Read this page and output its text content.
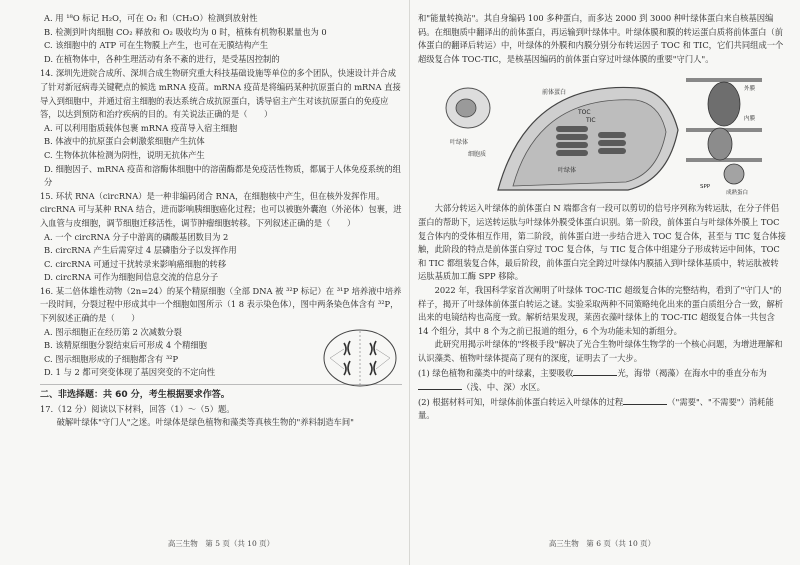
A. 用 ¹⁸O 标记 H₂O，可在 O₂ 和（CH₂O）检测到放射性

B. 检测到叶肉细胞 CO₂ 释放和 O₂ 吸收均为 0 时，植株有机物积累量也为 0

C. 该细胞中的 ATP 可在生物膜上产生，也可在无膜结构产生

D. 在植物体中，各种生理活动有条不紊的进行，是受基因控制的

14. 深圳先进院合成所、深圳合成生物研究重大科技基础设施等单位的多个团队，快速设计并合成了针对新冠病毒关键靶点的候选 mRNA 疫苗。mRNA 疫苗是将编码某种抗原蛋白的 mRNA 直接导入到细胞中，并通过宿主细胞的表达系统合成抗原蛋白，诱导宿主产生对该抗原蛋白的免疫应答，以达到预防和治疗疾病的目的。有关说法正确的是（　　）

A. 可以利用脂质载体包裹 mRNA 疫苗导入宿主细胞

B. 体液中的抗原蛋白会刺激浆细胞产生抗体

C. 生物体抗体检测为阴性，说明无抗体产生

D. 细胞因子、mRNA 疫苗和溶酶体细胞中的溶菌酶都是免疫活性物质，都属于人体免疫系统的组分

15. 环状 RNA（circRNA）是一种非编码闭合 RNA，在细胞核中产生，但在核外发挥作用。circRNA 可与某种 RNA 结合，进而影响胰细胞癌化过程；也可以被胞外囊泡（外泌体）包裹，进入血管与皮细胞，调节细胞迁移活性，调节肿瘤细胞转移。下列叙述正确的是（　　）

A. 一个 circRNA 分子中游离的磷酸基团数目为 2

B. circRNA 产生后需穿过 4 层磷脂分子以发挥作用

C. circRNA 可通过干扰转录来影响癌细胞的转移

D. circRNA 可作为细胞间信息交流的信息分子

16. 某二倍体雄性动物（2n=24）的某个精原细胞（全部 DNA 被 ³²P 标记）在 ³¹P 培养液中培养一段时间，分裂过程中形成其中一个细胞如图所示（1 8 表示染色体），图中两条染色体含有 ³²P，下列叙述正确的是（　　）

A. 图示细胞正在经历第 2 次减数分裂

B. 该精原细胞分裂结束后可形成 4 个精细胞

C. 图示细胞形成的子细胞都含有 ³²P

D. 1 与 2 都可突变体现了基因突变的不定向性

二、非选择题：共 60 分，考生根据要求作答。

17.（12 分）阅读以下材料，回答（1）～（5）题。

破解叶绿体"守门人"之迷。叶绿体是绿色植物和藻类等真核生物的"养料制造车间"

高三生物　第 5 页（共 10 页）

和"能量转换站"。其自身编码 100 多种蛋白，而多达 2000 到 3000 种叶绿体蛋白来自核基因编码。在细胞质中翻译出的前体蛋白，再运输到叶绿体中。叶绿体膜和膜的转运蛋白质将前体蛋白（前体蛋白的翻译后转运）中，叶绿体的外膜和内膜分别分布转运因子 TOC 和 TIC，它们共同组成一个超级复合体 TOC-TIC，是核基因编码的前体蛋白穿过叶绿体膜的重要"守门人"。

叶绿体
细胞质
前体蛋白
TOC
TIC
叶绿体
内膜
外膜
SPP
成熟蛋白

大部分转运入叶绿体的前体蛋白 N 端都含有一段可以剪切的信号序列称为转运肽，在分子伴侣蛋白的帮助下，运送转运肽与叶绿体外膜受体蛋白识别。第一阶段，前体蛋白与叶绿体外膜上 TOC 复合体内的受体相互作用，第二阶段，前体蛋白进一步结合进入 TOC 复合体，甚至与 TIC 复合体接触，此阶段的特点是前体蛋白穿过 TOC 复合体，与 TIC 复合体中组建分子形成转运中间体，TOC 和 TIC 都组装复合体，最后阶段，前体蛋白完全跨过叶绿体内膜插入到叶绿体基质中，转运肽被转运肽基质加工酶 SPP 移除。

2022 年，我国科学家首次阐明了叶绿体 TOC-TIC 超级复合体的完整结构，看到了"守门人"的样子，揭开了叶绿体前体蛋白转运之谜。实验采取两种不同策略纯化出来的蛋白质组分合一致，解析出来的电镜结构也高度一致。解析结果发现，莱茵衣藻叶绿体上的 TOC-TIC 超级复合体一共包含 14 个组分，其中 8 个为之前已报道的组分，6 个为功能未知的新组分。

此研究用揭示叶绿体的"终极手段"解决了光合生物叶绿体生物学的一个核心问题，为增进理解和认识藻类、植物叶绿体提高了现有的深度，证明去了一大步。

(1) 绿色植物和藻类中的叶绿素，主要吸收	光，海带（褐藻）在海水中的垂直分布为（浅、中、深）水区。

(2) 根据材料可知，叶绿体前体蛋白转运入叶绿体的过程	（"需要"、"不需要"）消耗能量。

高三生物　第 6 页（共 10 页）
